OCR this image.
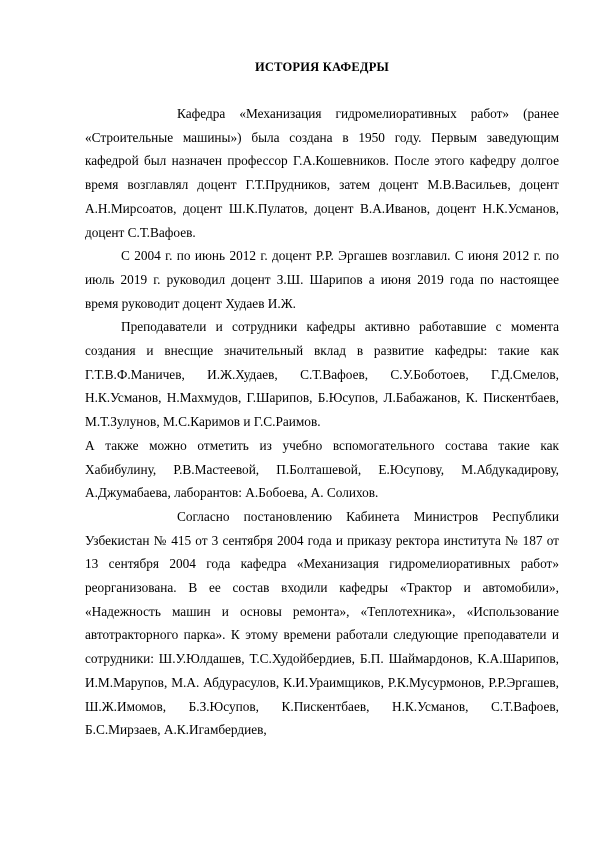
ИСТОРИЯ КАФЕДРЫ

Кафедра «Механизация гидромелиоративных работ» (ранее «Строительные машины») была создана в 1950 году. Первым заведующим кафедрой был назначен профессор Г.А.Кошевников. После этого кафедру долгое время возглавлял доцент Г.Т.Прудников, затем доцент М.В.Васильев, доцент А.Н.Мирсоатов, доцент Ш.К.Пулатов, доцент В.А.Иванов, доцент Н.К.Усманов, доцент С.Т.Вафоев.

С 2004 г. по июнь 2012 г. доцент Р.Р. Эргашев возглавил. С июня 2012 г. по июль 2019 г. руководил доцент З.Ш. Шарипов а июня 2019 года по настоящее время руководит доцент Худаев И.Ж.

Преподаватели и сотрудники кафедры активно работавшие с момента создания и внесщие значительный вклад в развитие кафедры: такие как Г.Т.В.Ф.Маничев, И.Ж.Худаев, С.Т.Вафоев, С.У.Боботоев, Г.Д.Смелов, Н.К.Усманов, Н.Махмудов, Г.Шарипов, Б.Юсупов, Л.Бабажанов, К. Пискентбаев, М.Т.Зулунов, М.С.Каримов и Г.С.Раимов.

А также можно отметить из учебно вспомогательного состава такие как Хабибулину, Р.В.Мастеевой, П.Болташевой, Е.Юсупову, М.Абдукадирову, А.Джумабаева, лаборантов: А.Бобоева, А. Солихов.

Согласно постановлению Кабинета Министров Республики Узбекистан № 415 от 3 сентября 2004 года и приказу ректора института № 187 от 13 сентября 2004 года кафедра «Механизация гидромелиоративных работ» реорганизована. В ее состав входили кафедры «Трактор и автомобили», «Надежность машин и основы ремонта», «Теплотехника», «Использование автотракторного парка». К этому времени работали следующие преподаватели и сотрудники: Ш.У.Юлдашев, Т.С.Худойбердиев, Б.П. Шаймардонов, К.А.Шарипов, И.М.Марупов, М.А. Абдурасулов, К.И.Ураимщиков, Р.К.Мусурмонов, Р.Р.Эргашев, Ш.Ж.Имомов, Б.З.Юсупов, К.Пискентбаев, Н.К.Усманов, С.Т.Вафоев, Б.С.Мирзаев, А.К.Игамбердиев,
